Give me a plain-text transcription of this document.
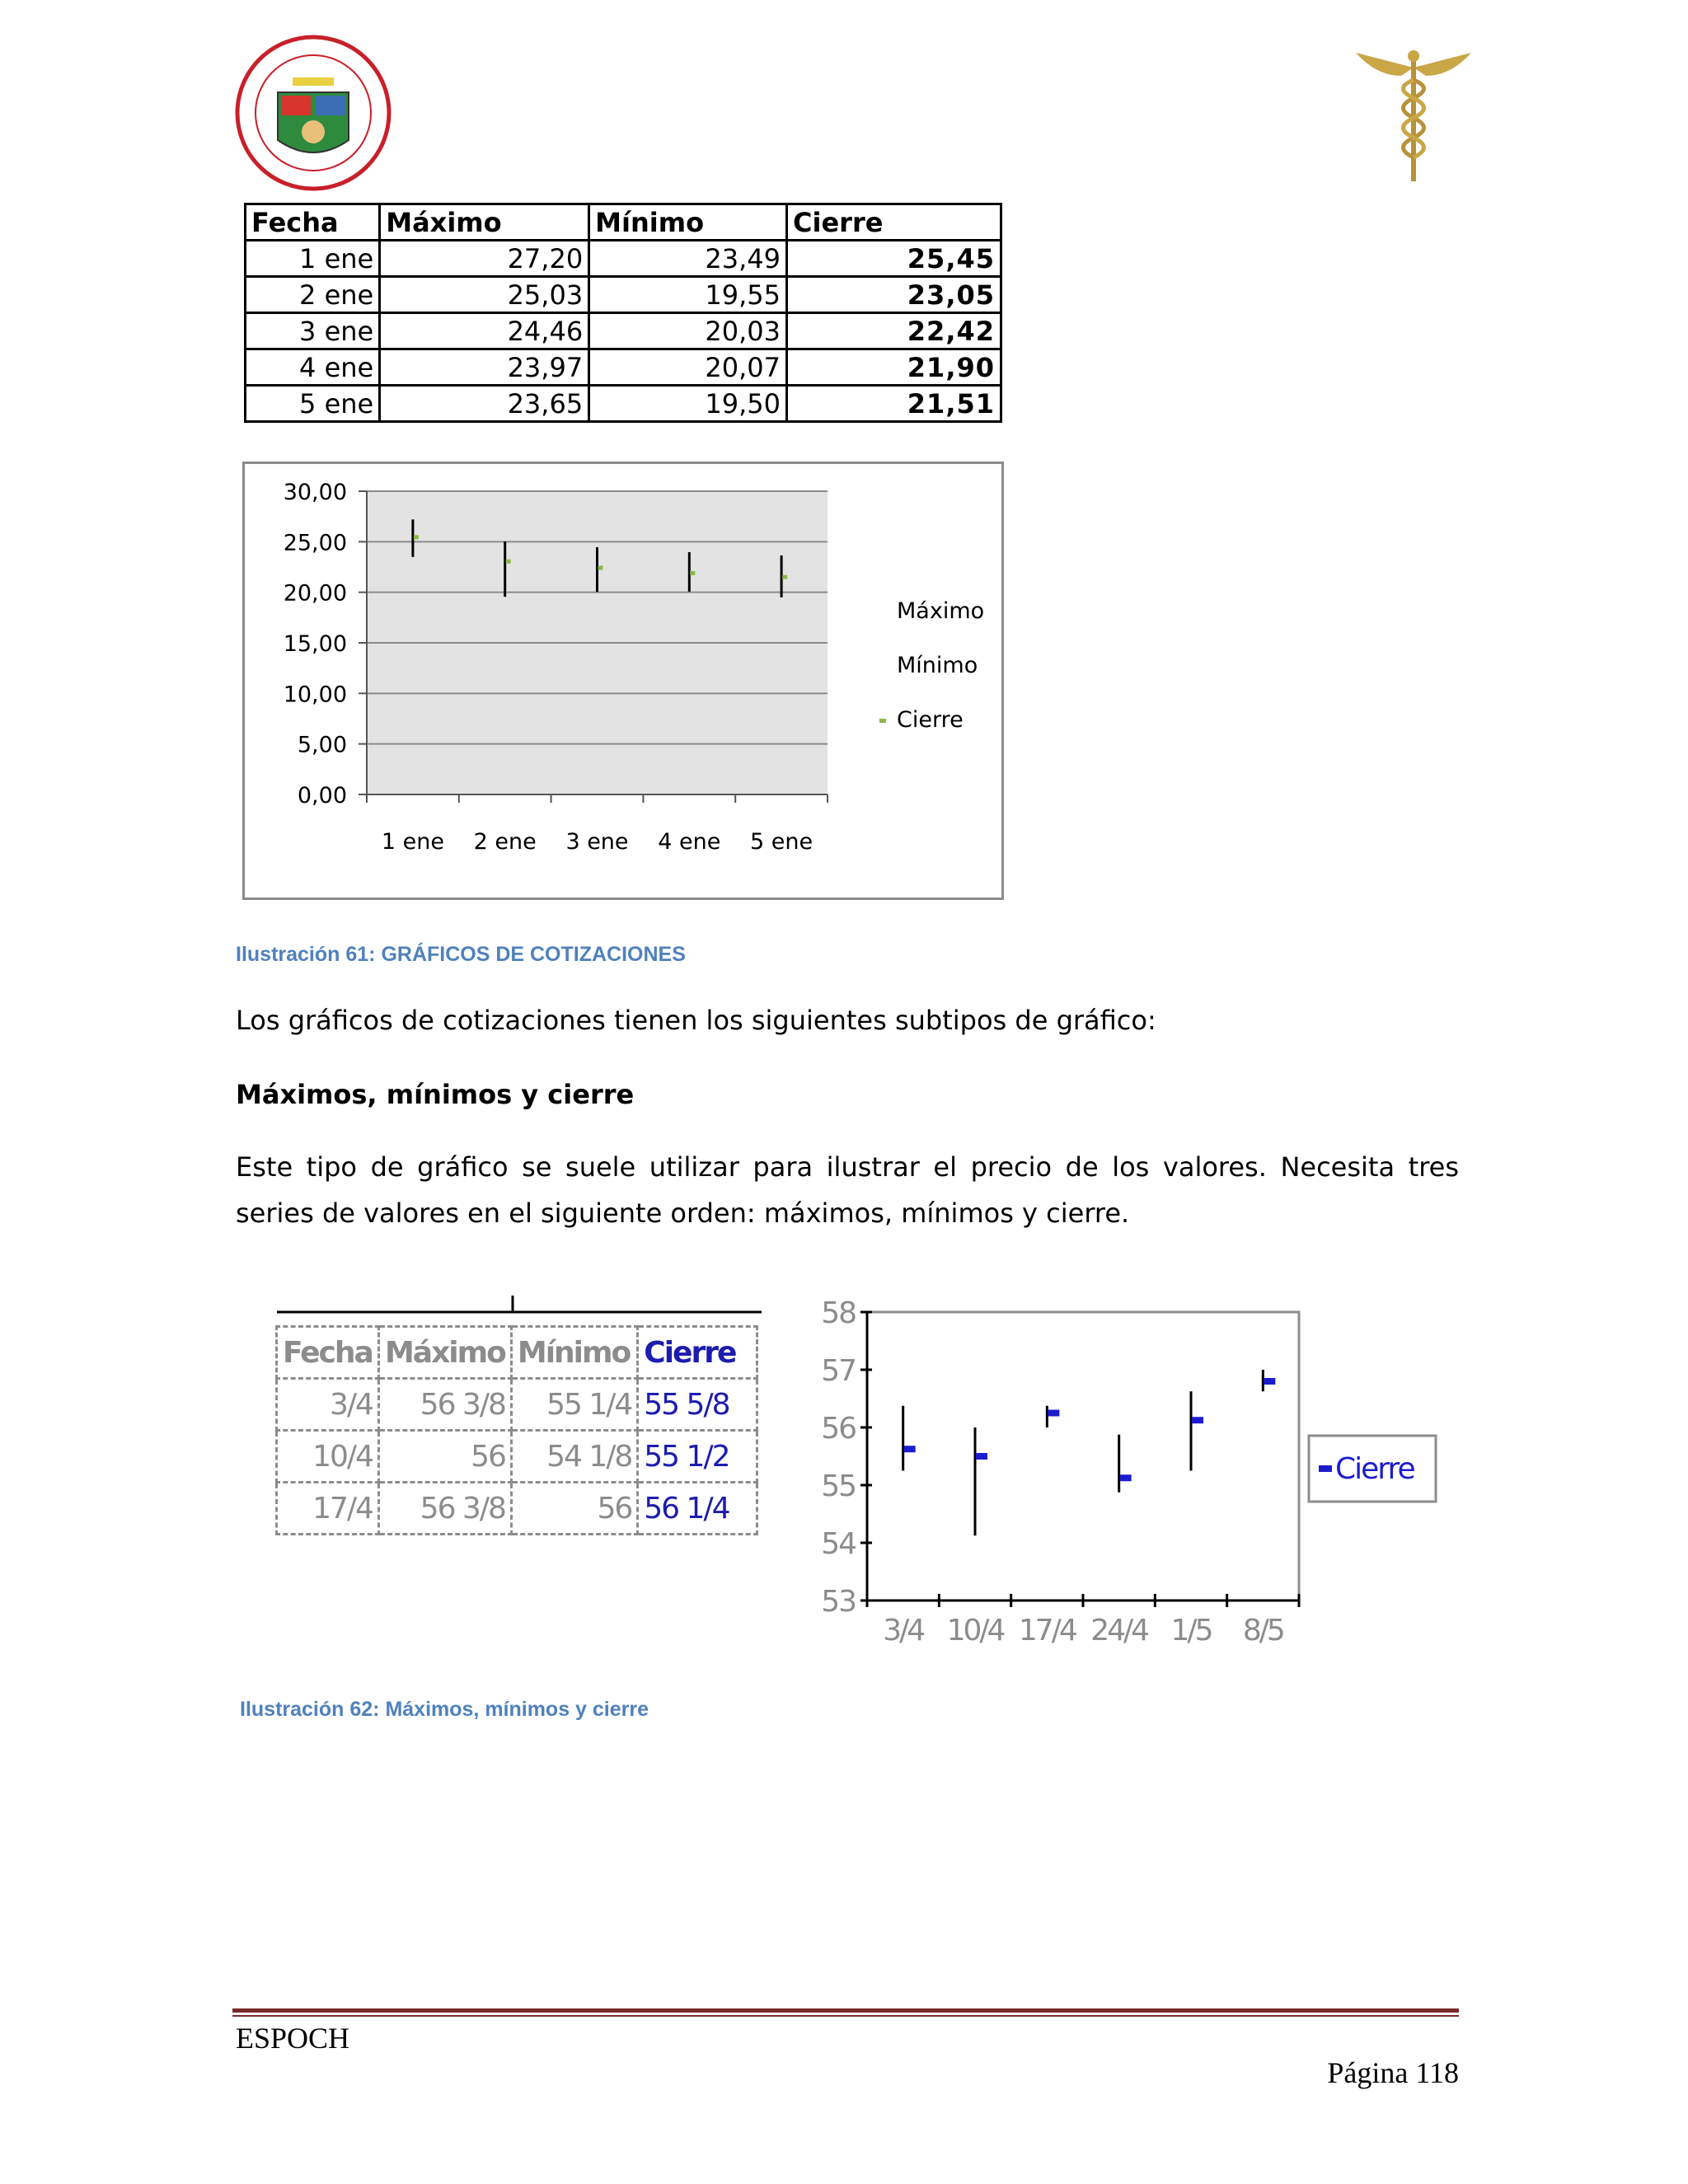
Fecha	Máximo	Mínimo	Cierre
1 ene	27,20	23,49	25,45
2 ene	25,03	19,55	23,05
3 ene	24,46	20,03	22,42
4 ene	23,97	20,07	21,90
5 ene	23,65	19,50	21,51
0,00
5,00
10,00
15,00
20,00
25,00
30,00
1 ene 2 ene 3 ene 4 ene 5 ene
Máximo
Mínimo
Cierre
Ilustración 61: GRÁFICOS DE COTIZACIONES
Los gráficos de cotizaciones tienen los siguientes subtipos de gráfico:
Máximos, mínimos y cierre
Este tipo de gráfico se suele utilizar para ilustrar el precio de los valores. Necesita tres series de valores en el siguiente orden: máximos, mínimos y cierre.
Fecha	Máximo	Mínimo	Cierre
3/4	56 3/8	55 1/4	55 5/8
10/4	56	54 1/8	55 1/2
17/4	56 3/8	56	56 1/4
53
54
55
56
57
58
3/4 10/4 17/4 24/4 1/5 8/5
Cierre
Ilustración 62: Máximos, mínimos y cierre
ESPOCH
Página 118
